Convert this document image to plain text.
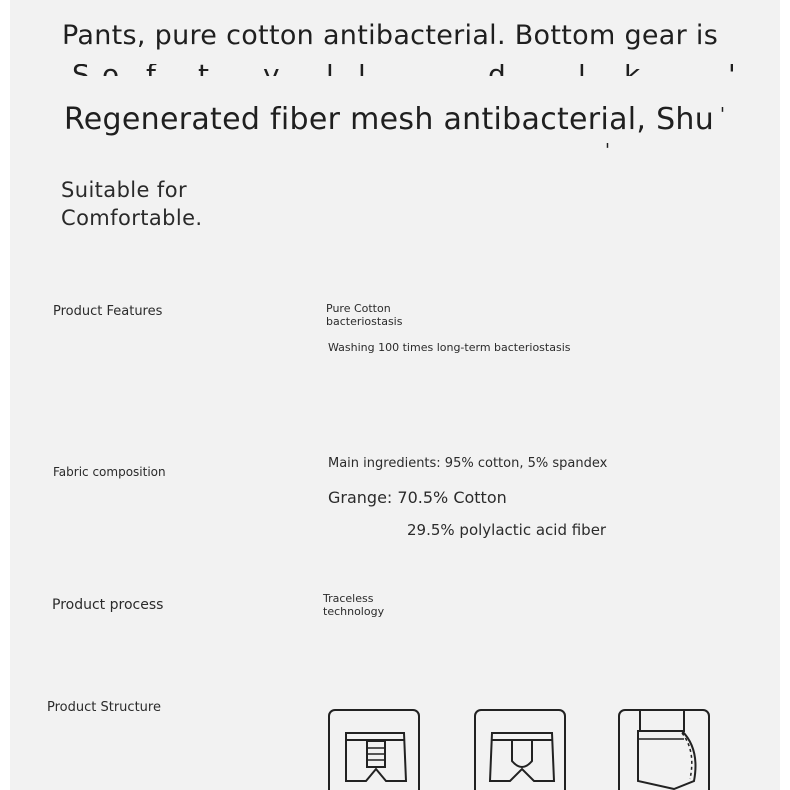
Pants, pure cotton antibacterial. Bottom gear is
Regenerated fiber mesh antibacterial, Shu
'
'
Suitable for
Comfortable.
Product Features	Pure Cotton
bacteriostasis
Washing 100 times long-term bacteriostasis
Fabric composition
Main ingredients: 95% cotton, 5% spandex
Grange: 70.5% Cotton
29.5% polylactic acid fiber
Product process	Traceless
technology
Product Structure
